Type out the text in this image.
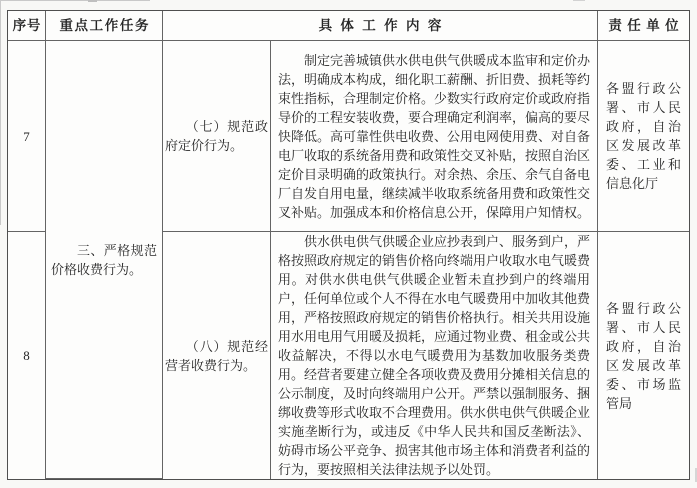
序号 重点工作任务	具体工作内容	责任单位

三、严格规范价格收费行为。

7

（七）规范政府定价行为。

制定完善城镇供水供电供气供暖成本监审和定价办法，明确成本构成，细化职工薪酬、折旧费、损耗等约束性指标，合理制定价格。少数实行政府定价或政府指导价的工程安装收费，要合理确定利润率，偏高的要尽快降低。高可靠性供电收费、公用电网使用费、对自备电厂收取的系统备用费和政策性交叉补贴，按照自治区定价目录明确的政策执行。对余热、余压、余气自备电厂自发自用电量，继续减半收取系统备用费和政策性交叉补贴。加强成本和价格信息公开，保障用户知情权。

各盟行政公署、市人民政府，自治区发展改革委、工业和信息化厅

8

（八）规范经营者收费行为。

供水供电供气供暖企业应抄表到户、服务到户，严格按照政府规定的销售价格向终端用户收取水电气暖费用。对供水供电供气供暖企业暂未直抄到户的终端用户，任何单位或个人不得在水电气暖费用中加收其他费用，严格按照政府规定的销售价格执行。相关共用设施用水用电用气用暖及损耗，应通过物业费、租金或公共收益解决，不得以水电气暖费用为基数加收服务类费用。经营者要建立健全各项收费及费用分摊相关信息的公示制度，及时向终端用户公开。严禁以强制服务、捆绑收费等形式收取不合理费用。供水供电供气供暖企业实施垄断行为，或违反《中华人民共和国反垄断法》、妨碍市场公平竞争、损害其他市场主体和消费者利益的行为，要按照相关法律法规予以处罚。

各盟行政公署、市人民政府，自治区发展改革委、市场监管局
